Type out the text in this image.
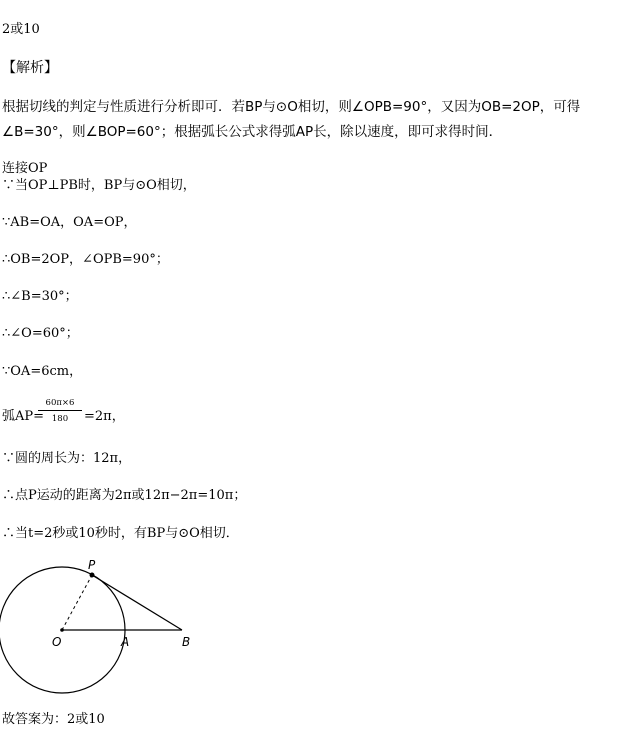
2或10

【解析】

根据切线的判定与性质进行分析即可．若BP与⊙O相切，则∠OPB=90°，又因为OB=2OP，可得∠B=30°，则∠BOP=60°；根据弧长公式求得弧AP长，除以速度，即可求得时间．

连接OP

∵当OP⊥PB时，BP与⊙O相切，

∵AB=OA，OA=OP，

∴OB=2OP，∠OPB=90°；

∴∠B=30°；

∴∠O=60°；

∵OA=6cm，

弧AP=
60π×6
180	=2π，

∵圆的周长为：12π，

∴点P运动的距离为2π或12π−2π=10π；

∴当t=2秒或10秒时，有BP与⊙O相切．

P
O	A	B

故答案为：2或10
